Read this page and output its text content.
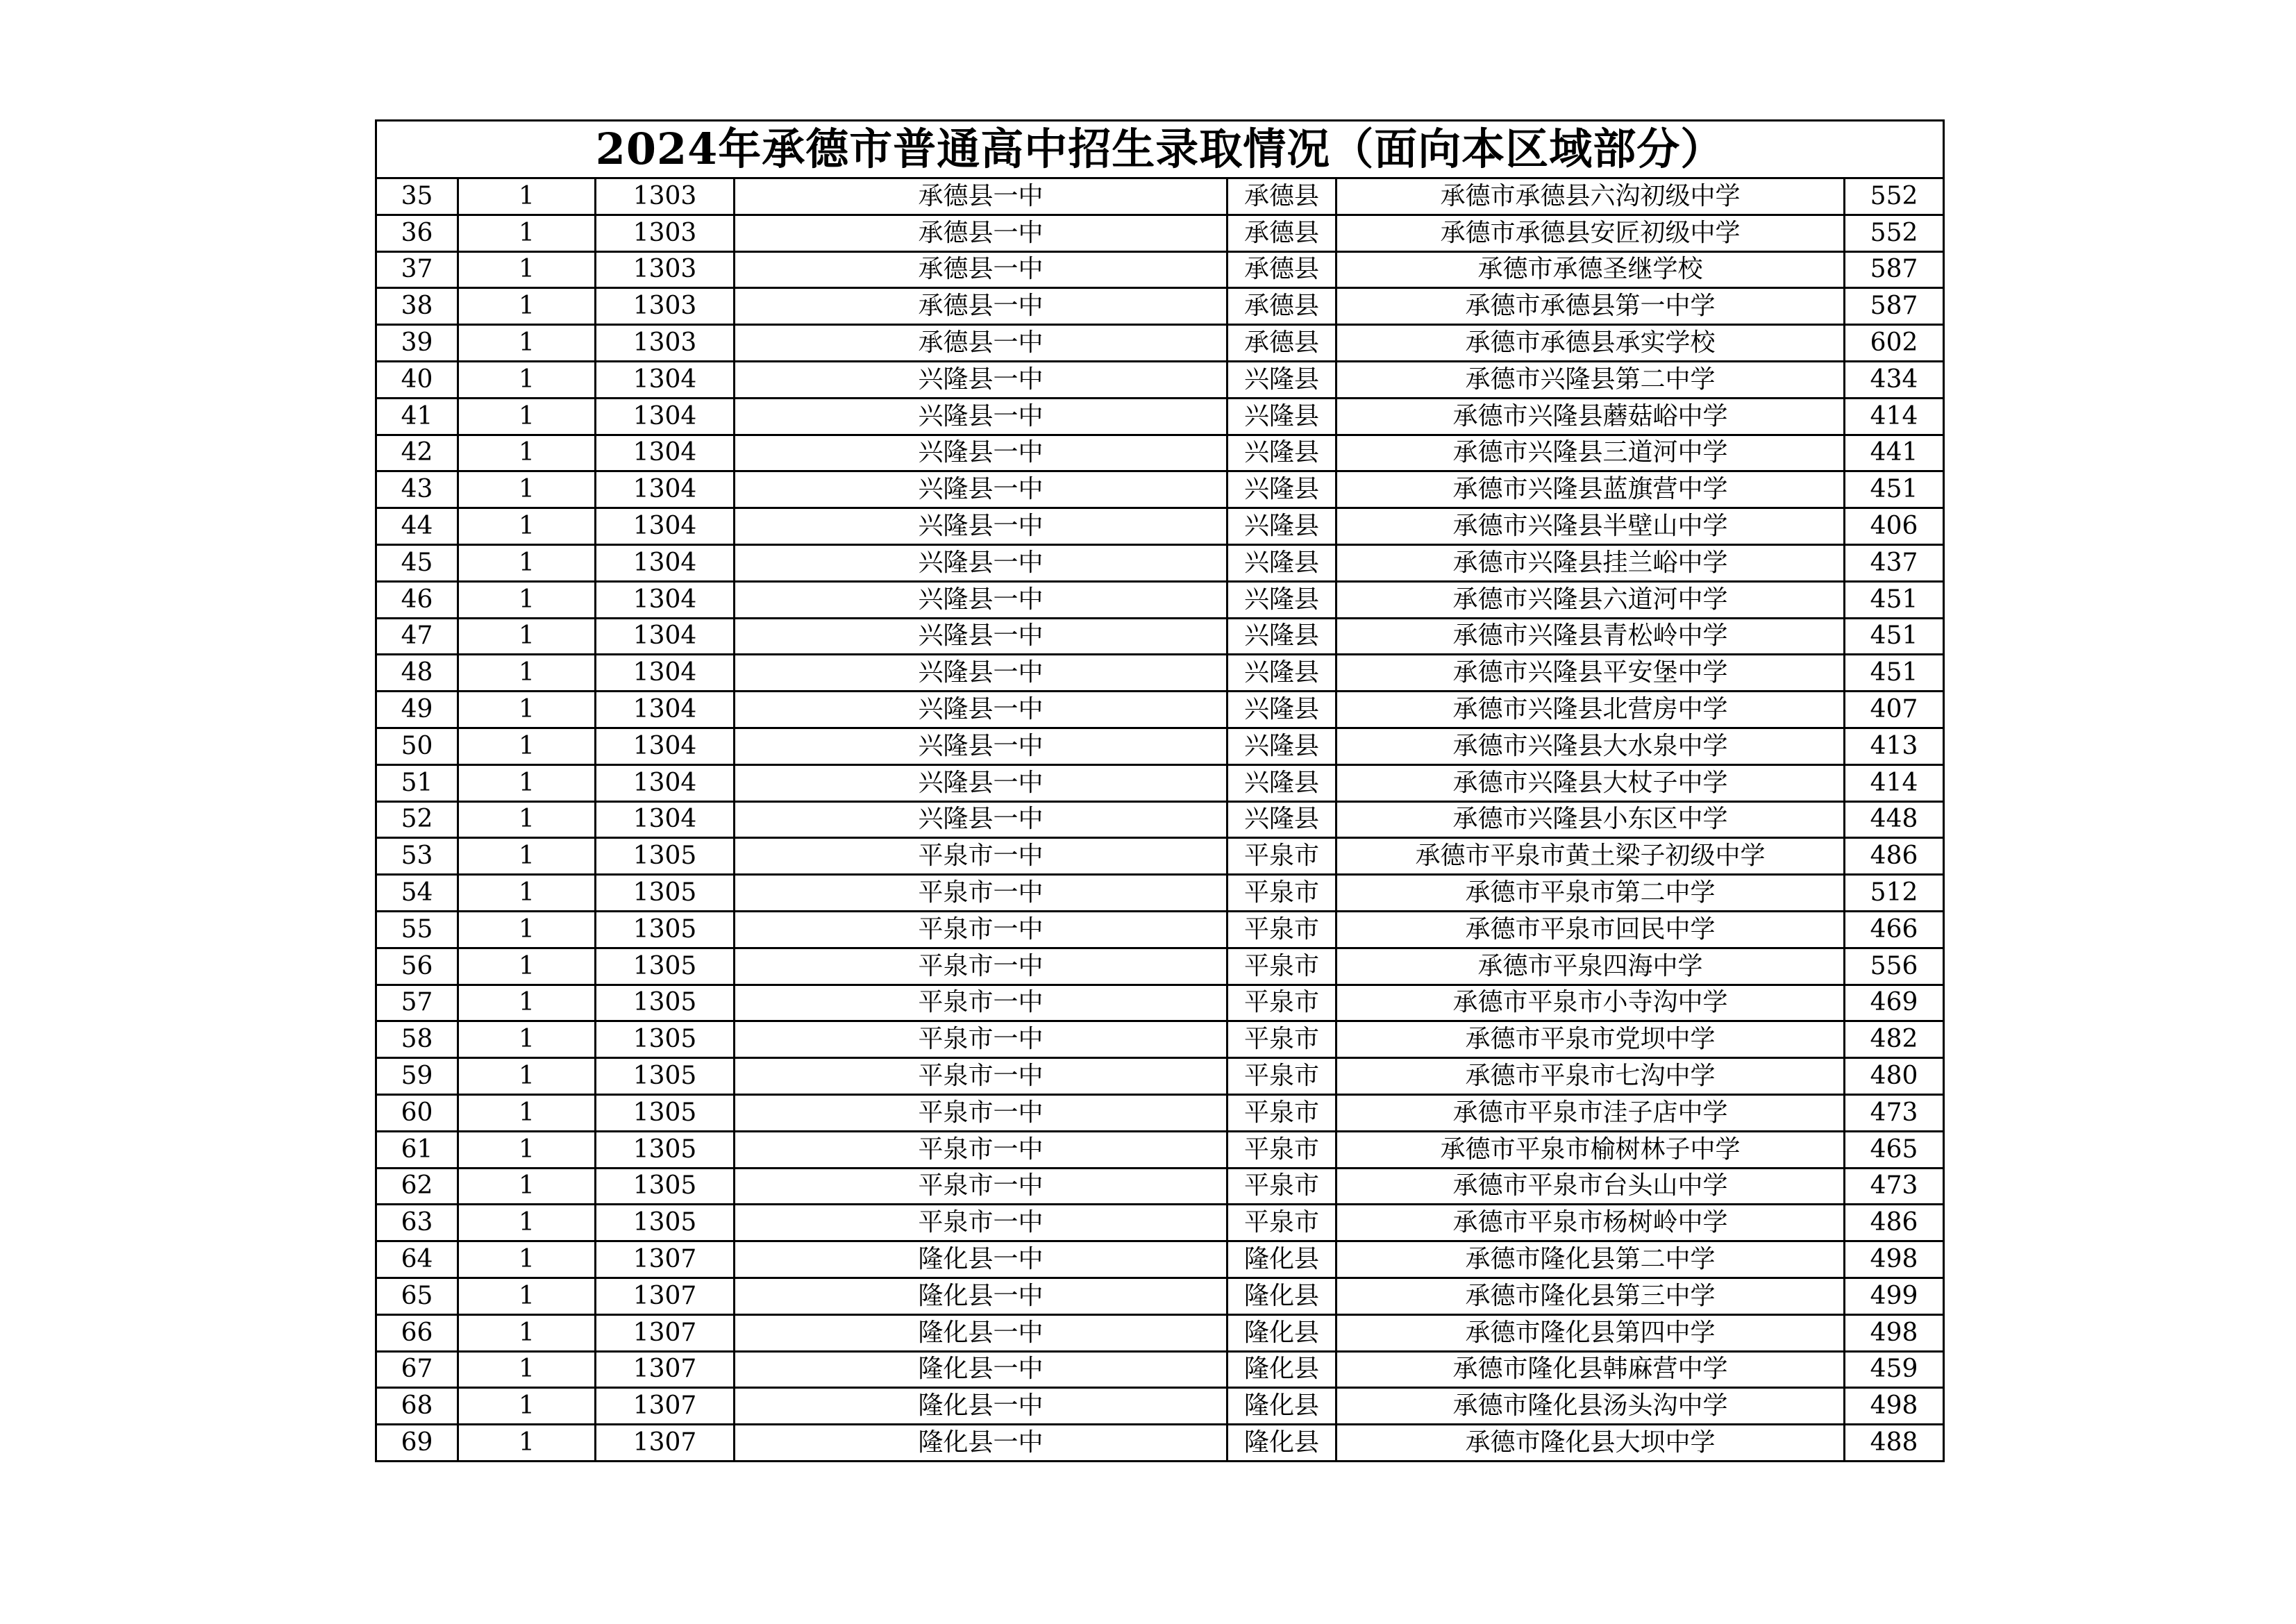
2024年承德市普通高中招生录取情况（面向本区域部分）						
35	1	1303	承德县一中	承德县	承德市承德县六沟初级中学	552
36	1	1303	承德县一中	承德县	承德市承德县安匠初级中学	552
37	1	1303	承德县一中	承德县	承德市承德圣继学校	587
38	1	1303	承德县一中	承德县	承德市承德县第一中学	587
39	1	1303	承德县一中	承德县	承德市承德县承实学校	602
40	1	1304	兴隆县一中	兴隆县	承德市兴隆县第二中学	434
41	1	1304	兴隆县一中	兴隆县	承德市兴隆县蘑菇峪中学	414
42	1	1304	兴隆县一中	兴隆县	承德市兴隆县三道河中学	441
43	1	1304	兴隆县一中	兴隆县	承德市兴隆县蓝旗营中学	451
44	1	1304	兴隆县一中	兴隆县	承德市兴隆县半壁山中学	406
45	1	1304	兴隆县一中	兴隆县	承德市兴隆县挂兰峪中学	437
46	1	1304	兴隆县一中	兴隆县	承德市兴隆县六道河中学	451
47	1	1304	兴隆县一中	兴隆县	承德市兴隆县青松岭中学	451
48	1	1304	兴隆县一中	兴隆县	承德市兴隆县平安堡中学	451
49	1	1304	兴隆县一中	兴隆县	承德市兴隆县北营房中学	407
50	1	1304	兴隆县一中	兴隆县	承德市兴隆县大水泉中学	413
51	1	1304	兴隆县一中	兴隆县	承德市兴隆县大杖子中学	414
52	1	1304	兴隆县一中	兴隆县	承德市兴隆县小东区中学	448
53	1	1305	平泉市一中	平泉市	承德市平泉市黄土梁子初级中学	486
54	1	1305	平泉市一中	平泉市	承德市平泉市第二中学	512
55	1	1305	平泉市一中	平泉市	承德市平泉市回民中学	466
56	1	1305	平泉市一中	平泉市	承德市平泉四海中学	556
57	1	1305	平泉市一中	平泉市	承德市平泉市小寺沟中学	469
58	1	1305	平泉市一中	平泉市	承德市平泉市党坝中学	482
59	1	1305	平泉市一中	平泉市	承德市平泉市七沟中学	480
60	1	1305	平泉市一中	平泉市	承德市平泉市洼子店中学	473
61	1	1305	平泉市一中	平泉市	承德市平泉市榆树林子中学	465
62	1	1305	平泉市一中	平泉市	承德市平泉市台头山中学	473
63	1	1305	平泉市一中	平泉市	承德市平泉市杨树岭中学	486
64	1	1307	隆化县一中	隆化县	承德市隆化县第二中学	498
65	1	1307	隆化县一中	隆化县	承德市隆化县第三中学	499
66	1	1307	隆化县一中	隆化县	承德市隆化县第四中学	498
67	1	1307	隆化县一中	隆化县	承德市隆化县韩麻营中学	459
68	1	1307	隆化县一中	隆化县	承德市隆化县汤头沟中学	498
69	1	1307	隆化县一中	隆化县	承德市隆化县大坝中学	488
